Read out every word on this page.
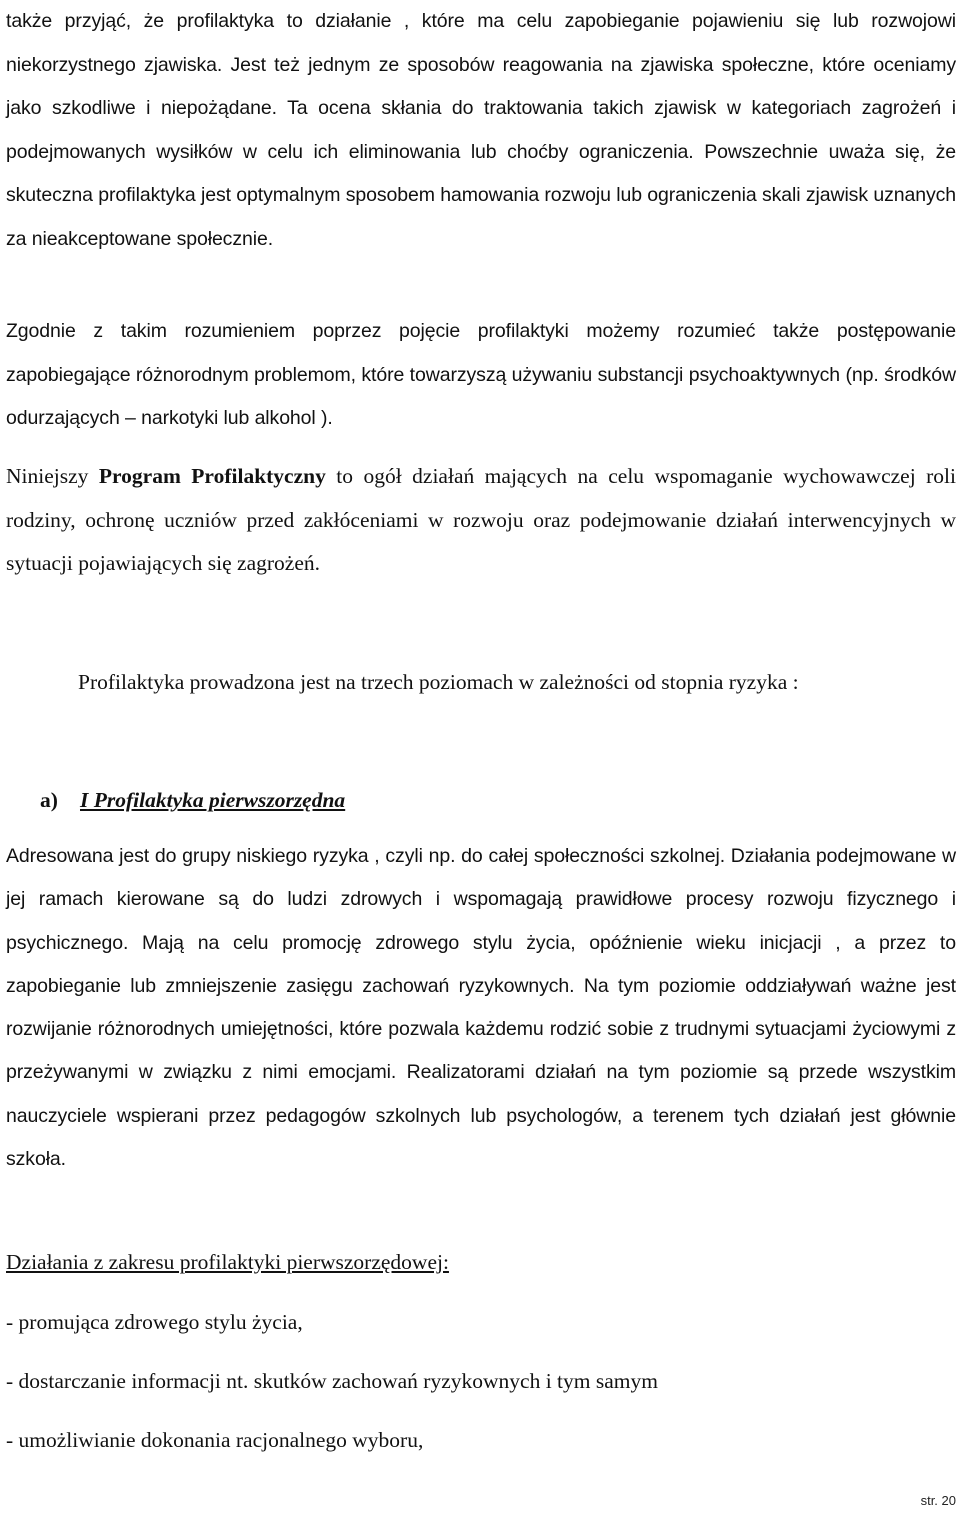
także przyjąć, że profilaktyka to działanie , które ma celu zapobieganie pojawieniu się lub rozwojowi niekorzystnego zjawiska. Jest też jednym ze sposobów reagowania na zjawiska społeczne, które oceniamy jako szkodliwe i niepożądane. Ta ocena skłania do traktowania takich zjawisk w kategoriach zagrożeń i podejmowanych wysiłków w celu ich eliminowania lub choćby ograniczenia. Powszechnie uważa się, że skuteczna profilaktyka jest optymalnym sposobem hamowania rozwoju lub ograniczenia skali zjawisk uznanych za nieakceptowane społecznie.

Zgodnie z takim rozumieniem poprzez pojęcie profilaktyki możemy rozumieć także postępowanie zapobiegające różnorodnym problemom, które towarzyszą używaniu substancji psychoaktywnych (np. środków odurzających – narkotyki lub alkohol ).

Niniejszy Program Profilaktyczny to ogół działań mających na celu wspomaganie wychowawczej roli rodziny, ochronę uczniów przed zakłóceniami w rozwoju oraz podejmowanie działań interwencyjnych w sytuacji pojawiających się zagrożeń.

Profilaktyka prowadzona jest na trzech poziomach w zależności od stopnia ryzyka :

a) I Profilaktyka pierwszorzędna

Adresowana jest do grupy niskiego ryzyka , czyli np. do całej społeczności szkolnej. Działania podejmowane w jej ramach kierowane są do ludzi zdrowych i wspomagają prawidłowe procesy rozwoju fizycznego i psychicznego. Mają na celu promocję zdrowego stylu życia, opóźnienie wieku inicjacji , a przez to zapobieganie lub zmniejszenie zasięgu zachowań ryzykownych. Na tym poziomie oddziaływań ważne jest rozwijanie różnorodnych umiejętności, które pozwala każdemu rodzić sobie z trudnymi sytuacjami życiowymi z przeżywanymi w związku z nimi emocjami. Realizatorami działań na tym poziomie są przede wszystkim nauczyciele wspierani przez pedagogów szkolnych lub psychologów, a terenem tych działań jest głównie szkoła.

Działania z zakresu profilaktyki pierwszorzędowej:

- promująca zdrowego stylu życia,

- dostarczanie informacji nt. skutków zachowań ryzykownych i tym samym

- umożliwianie dokonania racjonalnego wyboru,

str. 20
